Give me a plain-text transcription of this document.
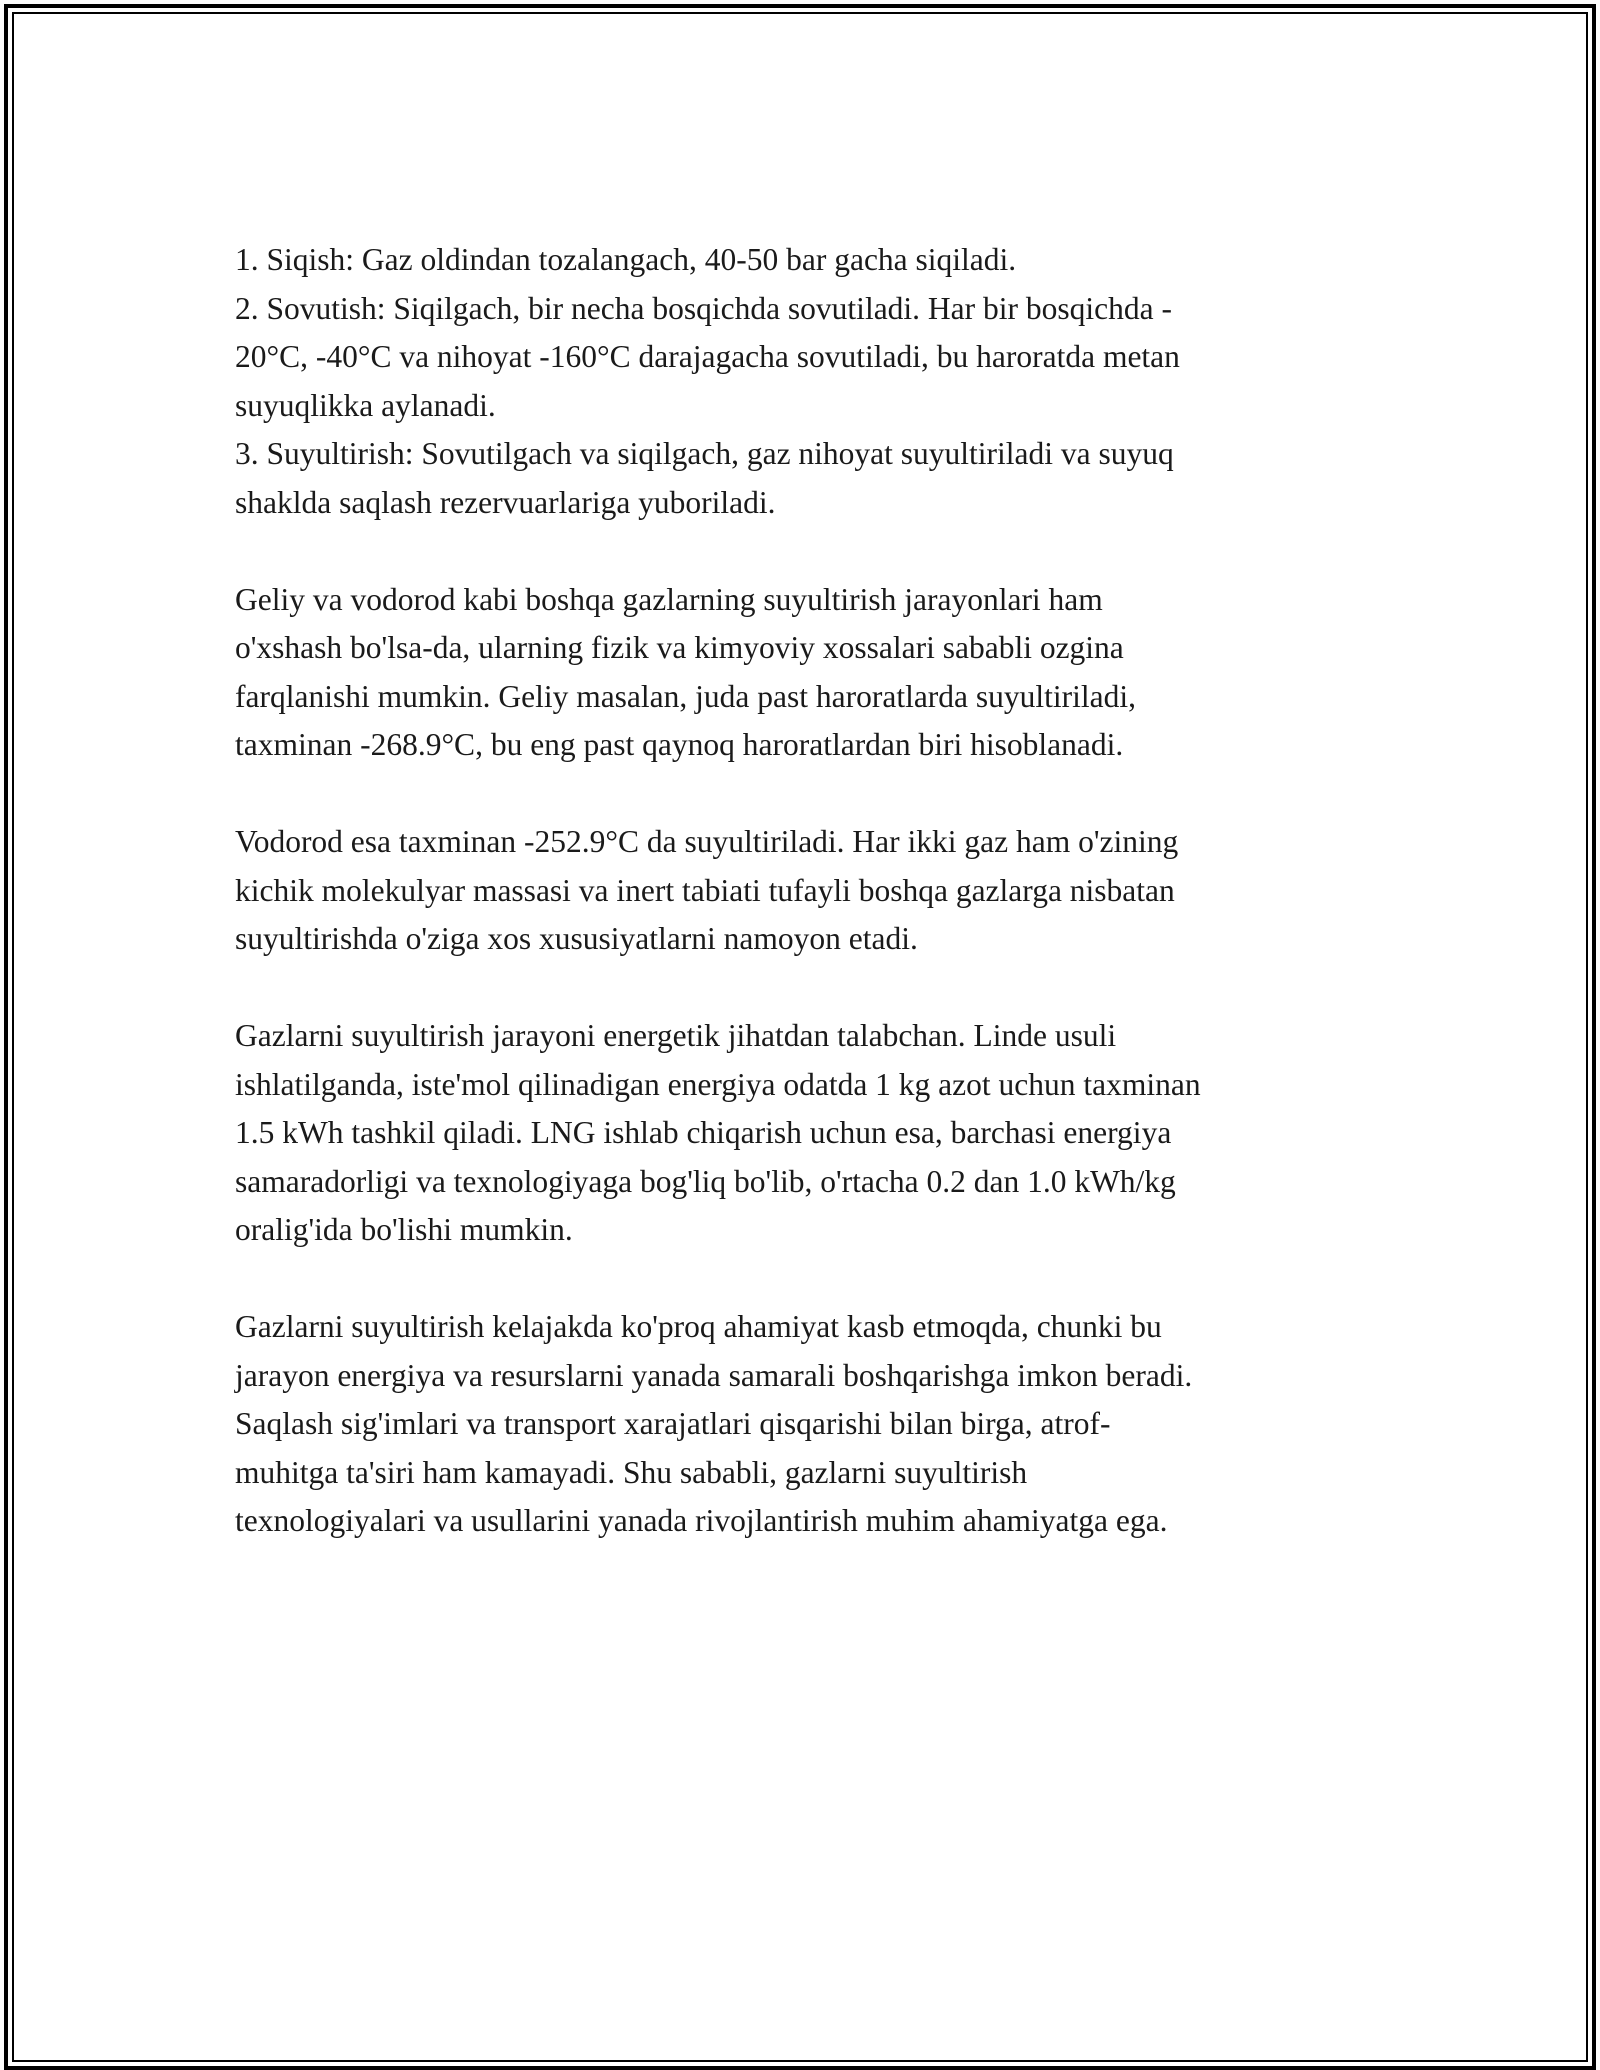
1. Siqish: Gaz oldindan tozalangach, 40-50 bar gacha siqiladi.
2. Sovutish: Siqilgach, bir necha bosqichda sovutiladi. Har bir bosqichda -
20°C, -40°C va nihoyat -160°C darajagacha sovutiladi, bu haroratda metan
suyuqlikka aylanadi.
3. Suyultirish: Sovutilgach va siqilgach, gaz nihoyat suyultiriladi va suyuq
shaklda saqlash rezervuarlariga yuboriladi.
Geliy va vodorod kabi boshqa gazlarning suyultirish jarayonlari ham
o'xshash bo'lsa-da, ularning fizik va kimyoviy xossalari sababli ozgina
farqlanishi mumkin. Geliy masalan, juda past haroratlarda suyultiriladi,
taxminan -268.9°C, bu eng past qaynoq haroratlardan biri hisoblanadi.
Vodorod esa taxminan -252.9°C da suyultiriladi. Har ikki gaz ham o'zining
kichik molekulyar massasi va inert tabiati tufayli boshqa gazlarga nisbatan
suyultirishda o'ziga xos xususiyatlarni namoyon etadi.
Gazlarni suyultirish jarayoni energetik jihatdan talabchan. Linde usuli
ishlatilganda, iste'mol qilinadigan energiya odatda 1 kg azot uchun taxminan
1.5 kWh tashkil qiladi. LNG ishlab chiqarish uchun esa, barchasi energiya
samaradorligi va texnologiyaga bog'liq bo'lib, o'rtacha 0.2 dan 1.0 kWh/kg
oralig'ida bo'lishi mumkin.
Gazlarni suyultirish kelajakda ko'proq ahamiyat kasb etmoqda, chunki bu
jarayon energiya va resurslarni yanada samarali boshqarishga imkon beradi.
Saqlash sig'imlari va transport xarajatlari qisqarishi bilan birga, atrof-
muhitga ta'siri ham kamayadi. Shu sababli, gazlarni suyultirish
texnologiyalari va usullarini yanada rivojlantirish muhim ahamiyatga ega.
